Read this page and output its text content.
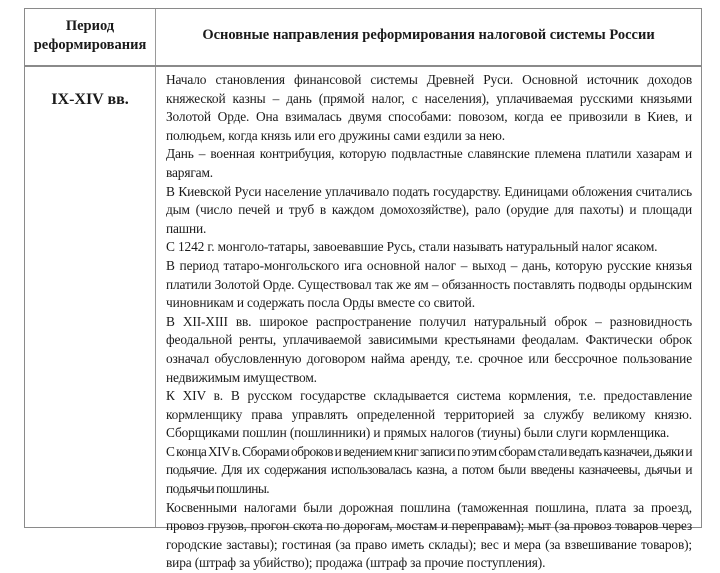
Период
реформирования
Основные направления реформирования налоговой системы России
IX-XIV вв.

Начало становления финансовой системы Древней Руси. Основной источник доходов княжеской казны – дань (прямой налог, с населения), уплачиваемая русскими князьями Золотой Орде. Она взималась двумя способами: повозом, когда ее привозили в Киев, и полюдьем, когда князь или его дружины сами ездили за нею.

Дань – военная контрибуция, которую подвластные славянские племена платили хазарам и варягам.

В Киевской Руси население уплачивало подать государству. Единицами обложения считались дым (число печей и труб в каждом домохозяйстве), рало (орудие для пахоты) и площади пашни.

С 1242 г. монголо-татары, завоевавшие Русь, стали называть натуральный налог ясаком.

В период татаро-монгольского ига основной налог – выход – дань, которую русские князья платили Золотой Орде. Существовал так же ям – обязанность поставлять подводы ордынским чиновникам и содержать посла Орды вместе со свитой.

В XII-XIII вв. широкое распространение получил натуральный оброк – разновидность феодальной ренты, уплачиваемой зависимыми крестьянами феодалам. Фактически оброк означал обусловленную договором найма аренду, т.е. срочное или бессрочное пользование недвижимым имуществом.

К XIV в. В русском государстве складывается система кормления, т.е. предоставление кормленщику права управлять определенной территорией за службу великому князю. Сборщиками пошлин (пошлинники) и прямых налогов (тиуны) были слуги кормленщика.

С конца XIV в. Сборами оброков и ведением книг записи по этим сборам стали ведать казначеи, дьяки и подьячие. Для их содержания использовалась казна, а потом были введены казначеевы, дьячьи и подьячьи пошлины.

Косвенными налогами были дорожная пошлина (таможенная пошлина, плата за проезд, провоз грузов, прогон скота по дорогам, мостам и переправам); мыт (за провоз товаров через городские заставы); гостиная (за право иметь склады); вес и мера (за взвешивание товаров); вира (штраф за убийство); продажа (штраф за прочие поступления).
